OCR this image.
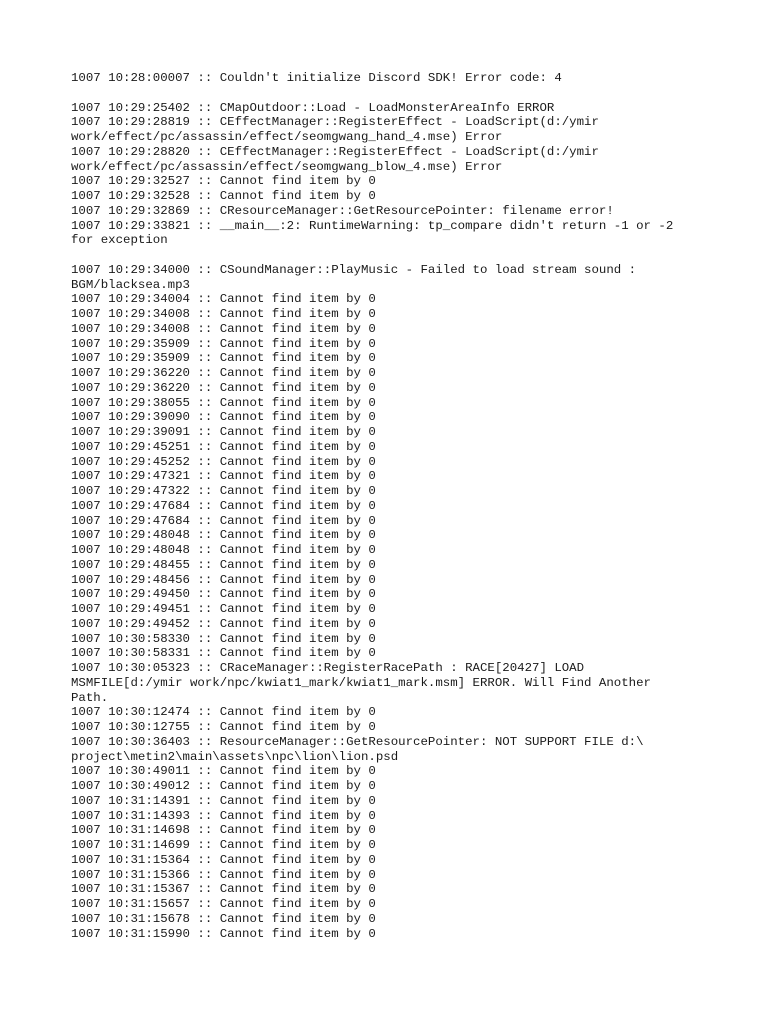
1007 10:28:00007 :: Couldn't initialize Discord SDK! Error code: 4
1007 10:29:25402 :: CMapOutdoor::Load - LoadMonsterAreaInfo ERROR
1007 10:29:28819 :: CEffectManager::RegisterEffect - LoadScript(d:/ymir
work/effect/pc/assassin/effect/seomgwang_hand_4.mse) Error
1007 10:29:28820 :: CEffectManager::RegisterEffect - LoadScript(d:/ymir
work/effect/pc/assassin/effect/seomgwang_blow_4.mse) Error
1007 10:29:32527 :: Cannot find item by 0
1007 10:29:32528 :: Cannot find item by 0
1007 10:29:32869 :: CResourceManager::GetResourcePointer: filename error!
1007 10:29:33821 :: __main__:2: RuntimeWarning: tp_compare didn't return -1 or -2
for exception
1007 10:29:34000 :: CSoundManager::PlayMusic - Failed to load stream sound :
BGM/blacksea.mp3
1007 10:29:34004 :: Cannot find item by 0
1007 10:29:34008 :: Cannot find item by 0
1007 10:29:34008 :: Cannot find item by 0
1007 10:29:35909 :: Cannot find item by 0
1007 10:29:35909 :: Cannot find item by 0
1007 10:29:36220 :: Cannot find item by 0
1007 10:29:36220 :: Cannot find item by 0
1007 10:29:38055 :: Cannot find item by 0
1007 10:29:39090 :: Cannot find item by 0
1007 10:29:39091 :: Cannot find item by 0
1007 10:29:45251 :: Cannot find item by 0
1007 10:29:45252 :: Cannot find item by 0
1007 10:29:47321 :: Cannot find item by 0
1007 10:29:47322 :: Cannot find item by 0
1007 10:29:47684 :: Cannot find item by 0
1007 10:29:47684 :: Cannot find item by 0
1007 10:29:48048 :: Cannot find item by 0
1007 10:29:48048 :: Cannot find item by 0
1007 10:29:48455 :: Cannot find item by 0
1007 10:29:48456 :: Cannot find item by 0
1007 10:29:49450 :: Cannot find item by 0
1007 10:29:49451 :: Cannot find item by 0
1007 10:29:49452 :: Cannot find item by 0
1007 10:30:58330 :: Cannot find item by 0
1007 10:30:58331 :: Cannot find item by 0
1007 10:30:05323 :: CRaceManager::RegisterRacePath : RACE[20427] LOAD
MSMFILE[d:/ymir work/npc/kwiat1_mark/kwiat1_mark.msm] ERROR. Will Find Another
Path.
1007 10:30:12474 :: Cannot find item by 0
1007 10:30:12755 :: Cannot find item by 0
1007 10:30:36403 :: ResourceManager::GetResourcePointer: NOT SUPPORT FILE d:\
project\metin2\main\assets\npc\lion\lion.psd
1007 10:30:49011 :: Cannot find item by 0
1007 10:30:49012 :: Cannot find item by 0
1007 10:31:14391 :: Cannot find item by 0
1007 10:31:14393 :: Cannot find item by 0
1007 10:31:14698 :: Cannot find item by 0
1007 10:31:14699 :: Cannot find item by 0
1007 10:31:15364 :: Cannot find item by 0
1007 10:31:15366 :: Cannot find item by 0
1007 10:31:15367 :: Cannot find item by 0
1007 10:31:15657 :: Cannot find item by 0
1007 10:31:15678 :: Cannot find item by 0
1007 10:31:15990 :: Cannot find item by 0
